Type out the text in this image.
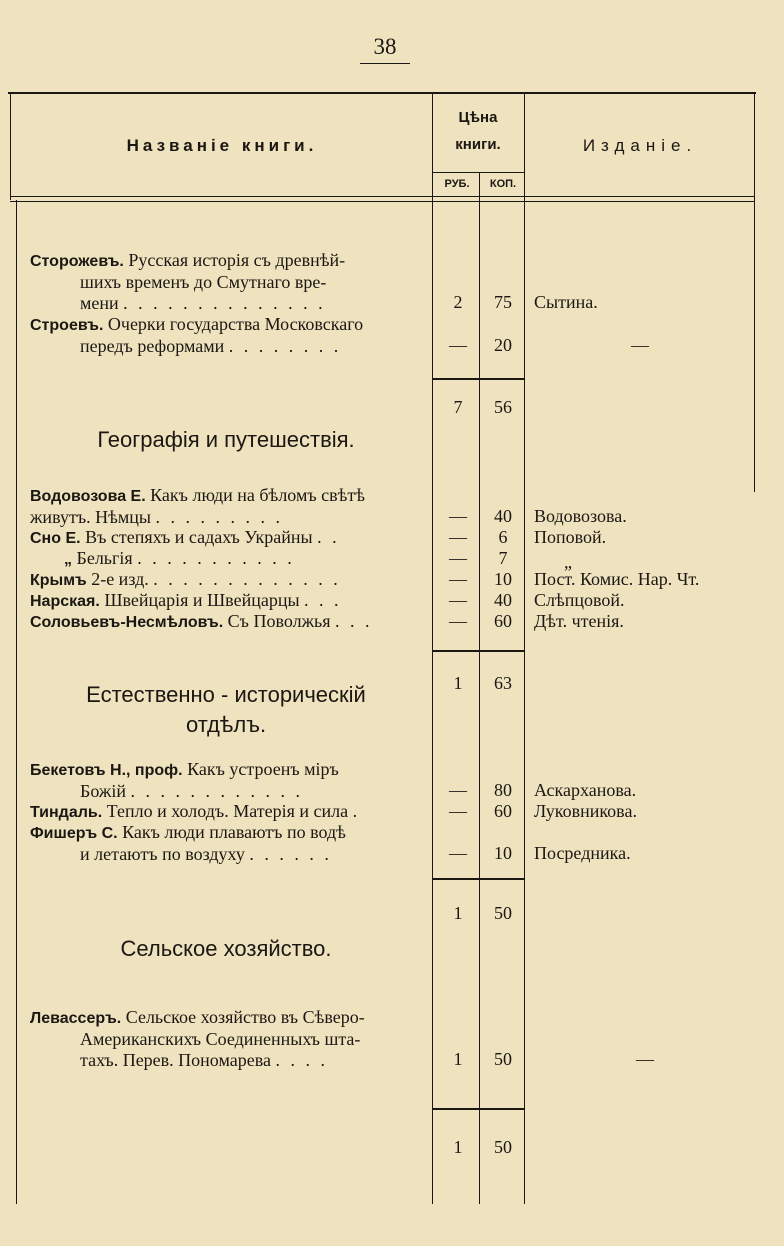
38
Названіе книги.
Цѣна
книги.	Изданіе.
РУБ.	КОП.
Сторожевъ. Русская исторія съ древнѣй-
шихъ временъ до Смутнаго вре-
мени . . . . . . . . . . . . . .	2	75	Сытина.
Строевъ. Очерки государства Московскаго
передъ реформами . . . . . . . .	—	20	—
7	56
Географія и путешествія.
Водовозова Е. Какъ люди на бѣломъ свѣтѣ
живутъ. Нѣмцы . . . . . . . . .	—	40	Водовозова.
Сно Е. Въ степяхъ и садахъ Украйны . .	—	6	Поповой.
„ Бельгія . . . . . . . . . . .	—	7	„
Крымъ 2-е изд. . . . . . . . . . . . . .	—	10	Пост. Комис. Нар. Чт.
Нарская. Швейцарія и Швейцарцы . . .	—	40	Слѣпцовой.
Соловьевъ-Несмѣловъ. Съ Поволжья . . .	—	60	Дѣт. чтенія.
1	63
Естественно - историческій
отдѣлъ.
Бекетовъ Н., проф. Какъ устроенъ міръ
Божій . . . . . . . . . . . .	—	80	Аскарханова.
Тиндаль. Тепло и холодъ. Матерія и сила .	—	60	Луковникова.
Фишеръ С. Какъ люди плаваютъ по водѣ
и летаютъ по воздуху . . . . . .	—	10	Посредника.
1	50
Сельское хозяйство.
Левассеръ. Сельское хозяйство въ Сѣверо-
Американскихъ Соединенныхъ шта-
тахъ. Перев. Пономарева . . . .	1	50	—
1	50
